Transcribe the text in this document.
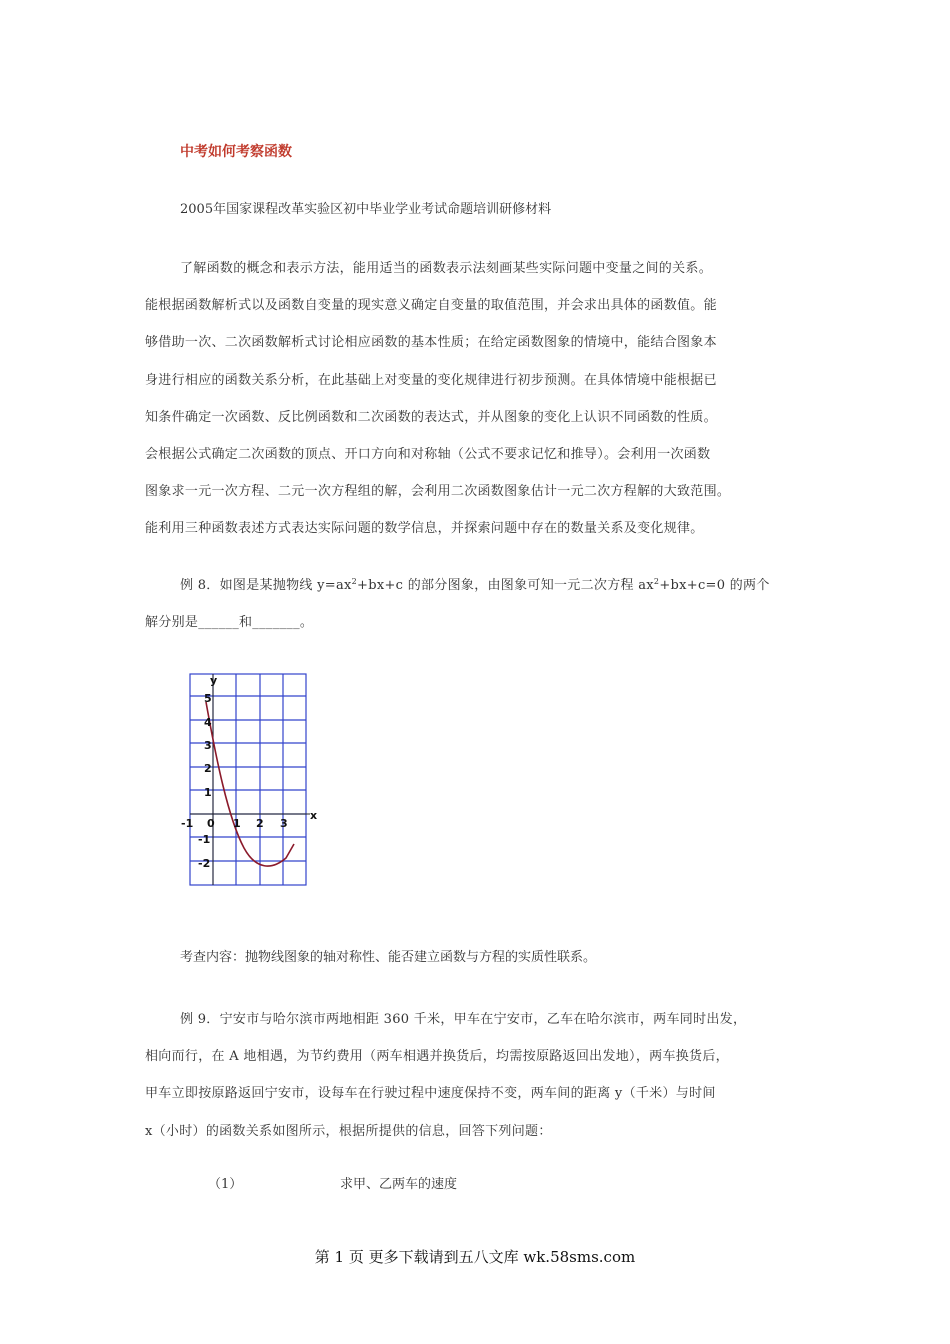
中考如何考察函数
2005年国家课程改革实验区初中毕业学业考试命题培训研修材料
了解函数的概念和表示方法，能用适当的函数表示法刻画某些实际问题中变量之间的关系。
能根据函数解析式以及函数自变量的现实意义确定自变量的取值范围，并会求出具体的函数值。能
够借助一次、二次函数解析式讨论相应函数的基本性质；在给定函数图象的情境中，能结合图象本
身进行相应的函数关系分析，在此基础上对变量的变化规律进行初步预测。在具体情境中能根据已
知条件确定一次函数、反比例函数和二次函数的表达式，并从图象的变化上认识不同函数的性质。
会根据公式确定二次函数的顶点、开口方向和对称轴（公式不要求记忆和推导）。会利用一次函数
图象求一元一次方程、二元一次方程组的解，会利用二次函数图象估计一元二次方程解的大致范围。
能利用三种函数表述方式表达实际问题的数学信息，并探索问题中存在的数量关系及变化规律。
例 8．如图是某抛物线 $y=ax^2+bx+c$ 的部分图象，由图象可知一元二次方程 $ax^2+bx+c=0$ 的两个
解分别是______和_______。
y
x
5
4
3
2
1
-1
-2
-1 0 1 2 3
考查内容：抛物线图象的轴对称性、能否建立函数与方程的实质性联系。
例 9．宁安市与哈尔滨市两地相距 360 千米，甲车在宁安市，乙车在哈尔滨市，两车同时出发，
相向而行，在 A 地相遇，为节约费用（两车相遇并换货后，均需按原路返回出发地），两车换货后，
甲车立即按原路返回宁安市，设每车在行驶过程中速度保持不变，两车间的距离 y（千米）与时间
x（小时）的函数关系如图所示，根据所提供的信息，回答下列问题：
（1）	求甲、乙两车的速度
第 1 页 更多下载请到五八文库 wk.58sms.com
